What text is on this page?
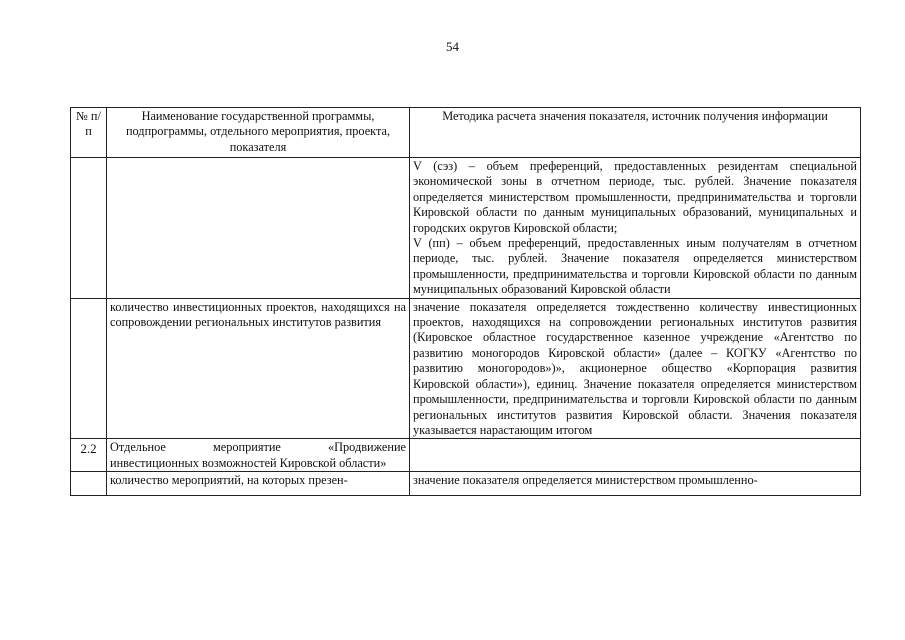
54
№ п/п	Наименование государственной программы, подпрограммы, отдельного мероприятия, проекта, показателя	Методика расчета значения показателя, источник получения информации

		V (сэз) – объем преференций, предоставленных резидентам специальной экономической зоны в отчетном периоде, тыс. рублей. Значение показателя определяется министерством промышленности, предпринимательства и торговли Кировской области по данным муниципальных образований, муниципальных и городских округов Кировской области;
V (пп) – объем преференций, предоставленных иным получателям в отчетном периоде, тыс. рублей. Значение показателя определяется министерством промышленности, предпринимательства и торговли Кировской области по данным муниципальных образований Кировской области

	количество инвестиционных проектов, находящихся на сопровождении региональных институтов развития	значение показателя определяется тождественно количеству инвестиционных проектов, находящихся на сопровождении региональных институтов развития (Кировское областное государственное казенное учреждение «Агентство по развитию моногородов Кировской области» (далее – КОГКУ «Агентство по развитию моногородов»)», акционерное общество «Корпорация развития Кировской области»), единиц. Значение показателя определяется министерством промышленности, предпринимательства и торговли Кировской области по данным региональных институтов развития Кировской области. Значения показателя указывается нарастающим итогом
2.2	Отдельное мероприятие «Продвижение инвестиционных возможностей Кировской области»	
	количество мероприятий, на которых презен-	значение показателя определяется министерством промышленно-
